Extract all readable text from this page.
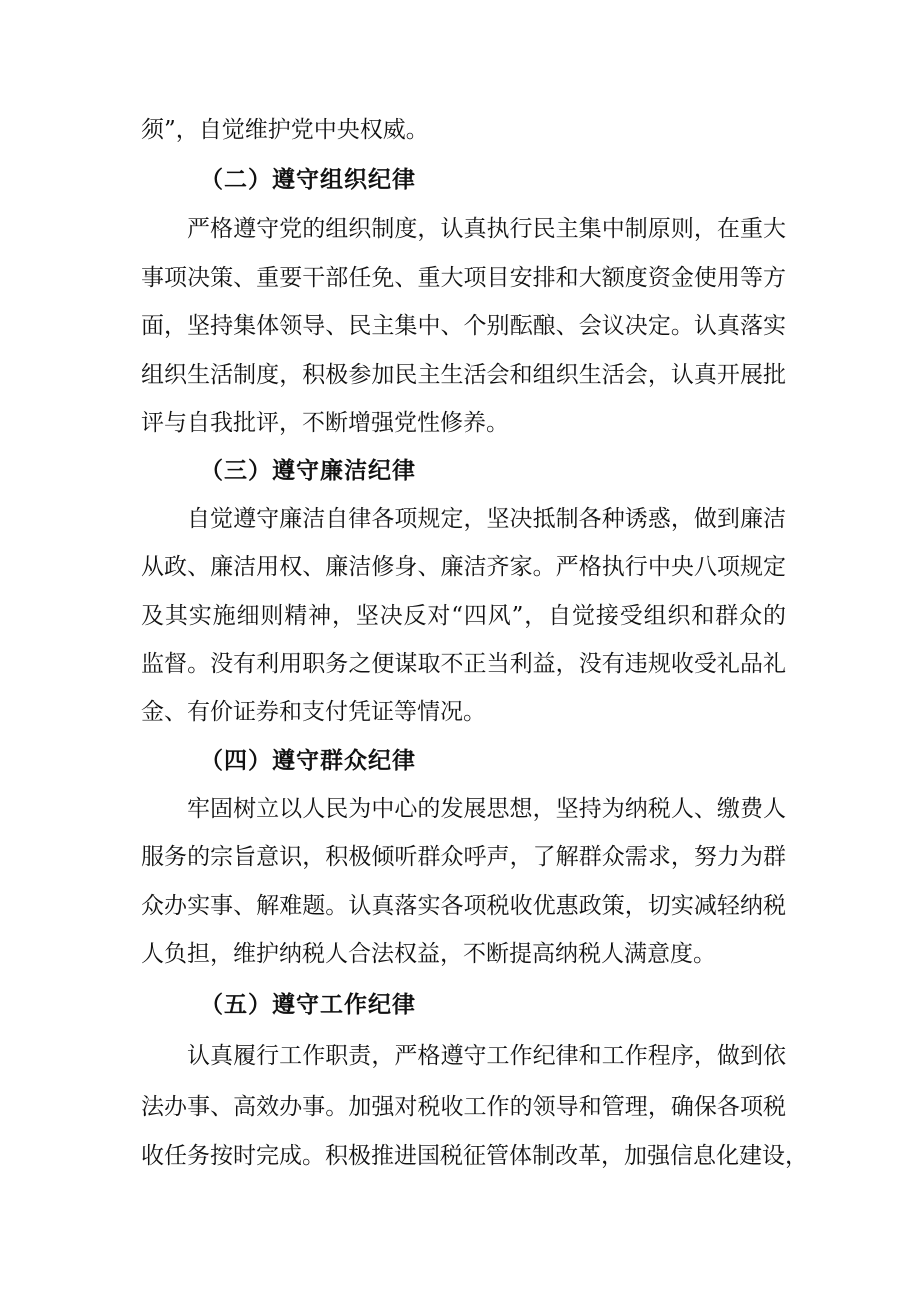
须”，自觉维护党中央权威。
（二）遵守组织纪律
严格遵守党的组织制度，认真执行民主集中制原则，在重大
事项决策、重要干部任免、重大项目安排和大额度资金使用等方
面，坚持集体领导、民主集中、个别酝酿、会议决定。认真落实
组织生活制度，积极参加民主生活会和组织生活会，认真开展批
评与自我批评，不断增强党性修养。
（三）遵守廉洁纪律
自觉遵守廉洁自律各项规定，坚决抵制各种诱惑，做到廉洁
从政、廉洁用权、廉洁修身、廉洁齐家。严格执行中央八项规定
及其实施细则精神，坚决反对“四风”，自觉接受组织和群众的
监督。没有利用职务之便谋取不正当利益，没有违规收受礼品礼
金、有价证券和支付凭证等情况。
（四）遵守群众纪律
牢固树立以人民为中心的发展思想，坚持为纳税人、缴费人
服务的宗旨意识，积极倾听群众呼声，了解群众需求，努力为群
众办实事、解难题。认真落实各项税收优惠政策，切实减轻纳税
人负担，维护纳税人合法权益，不断提高纳税人满意度。
（五）遵守工作纪律
认真履行工作职责，严格遵守工作纪律和工作程序，做到依
法办事、高效办事。加强对税收工作的领导和管理，确保各项税
收任务按时完成。积极推进国税征管体制改革，加强信息化建设，
